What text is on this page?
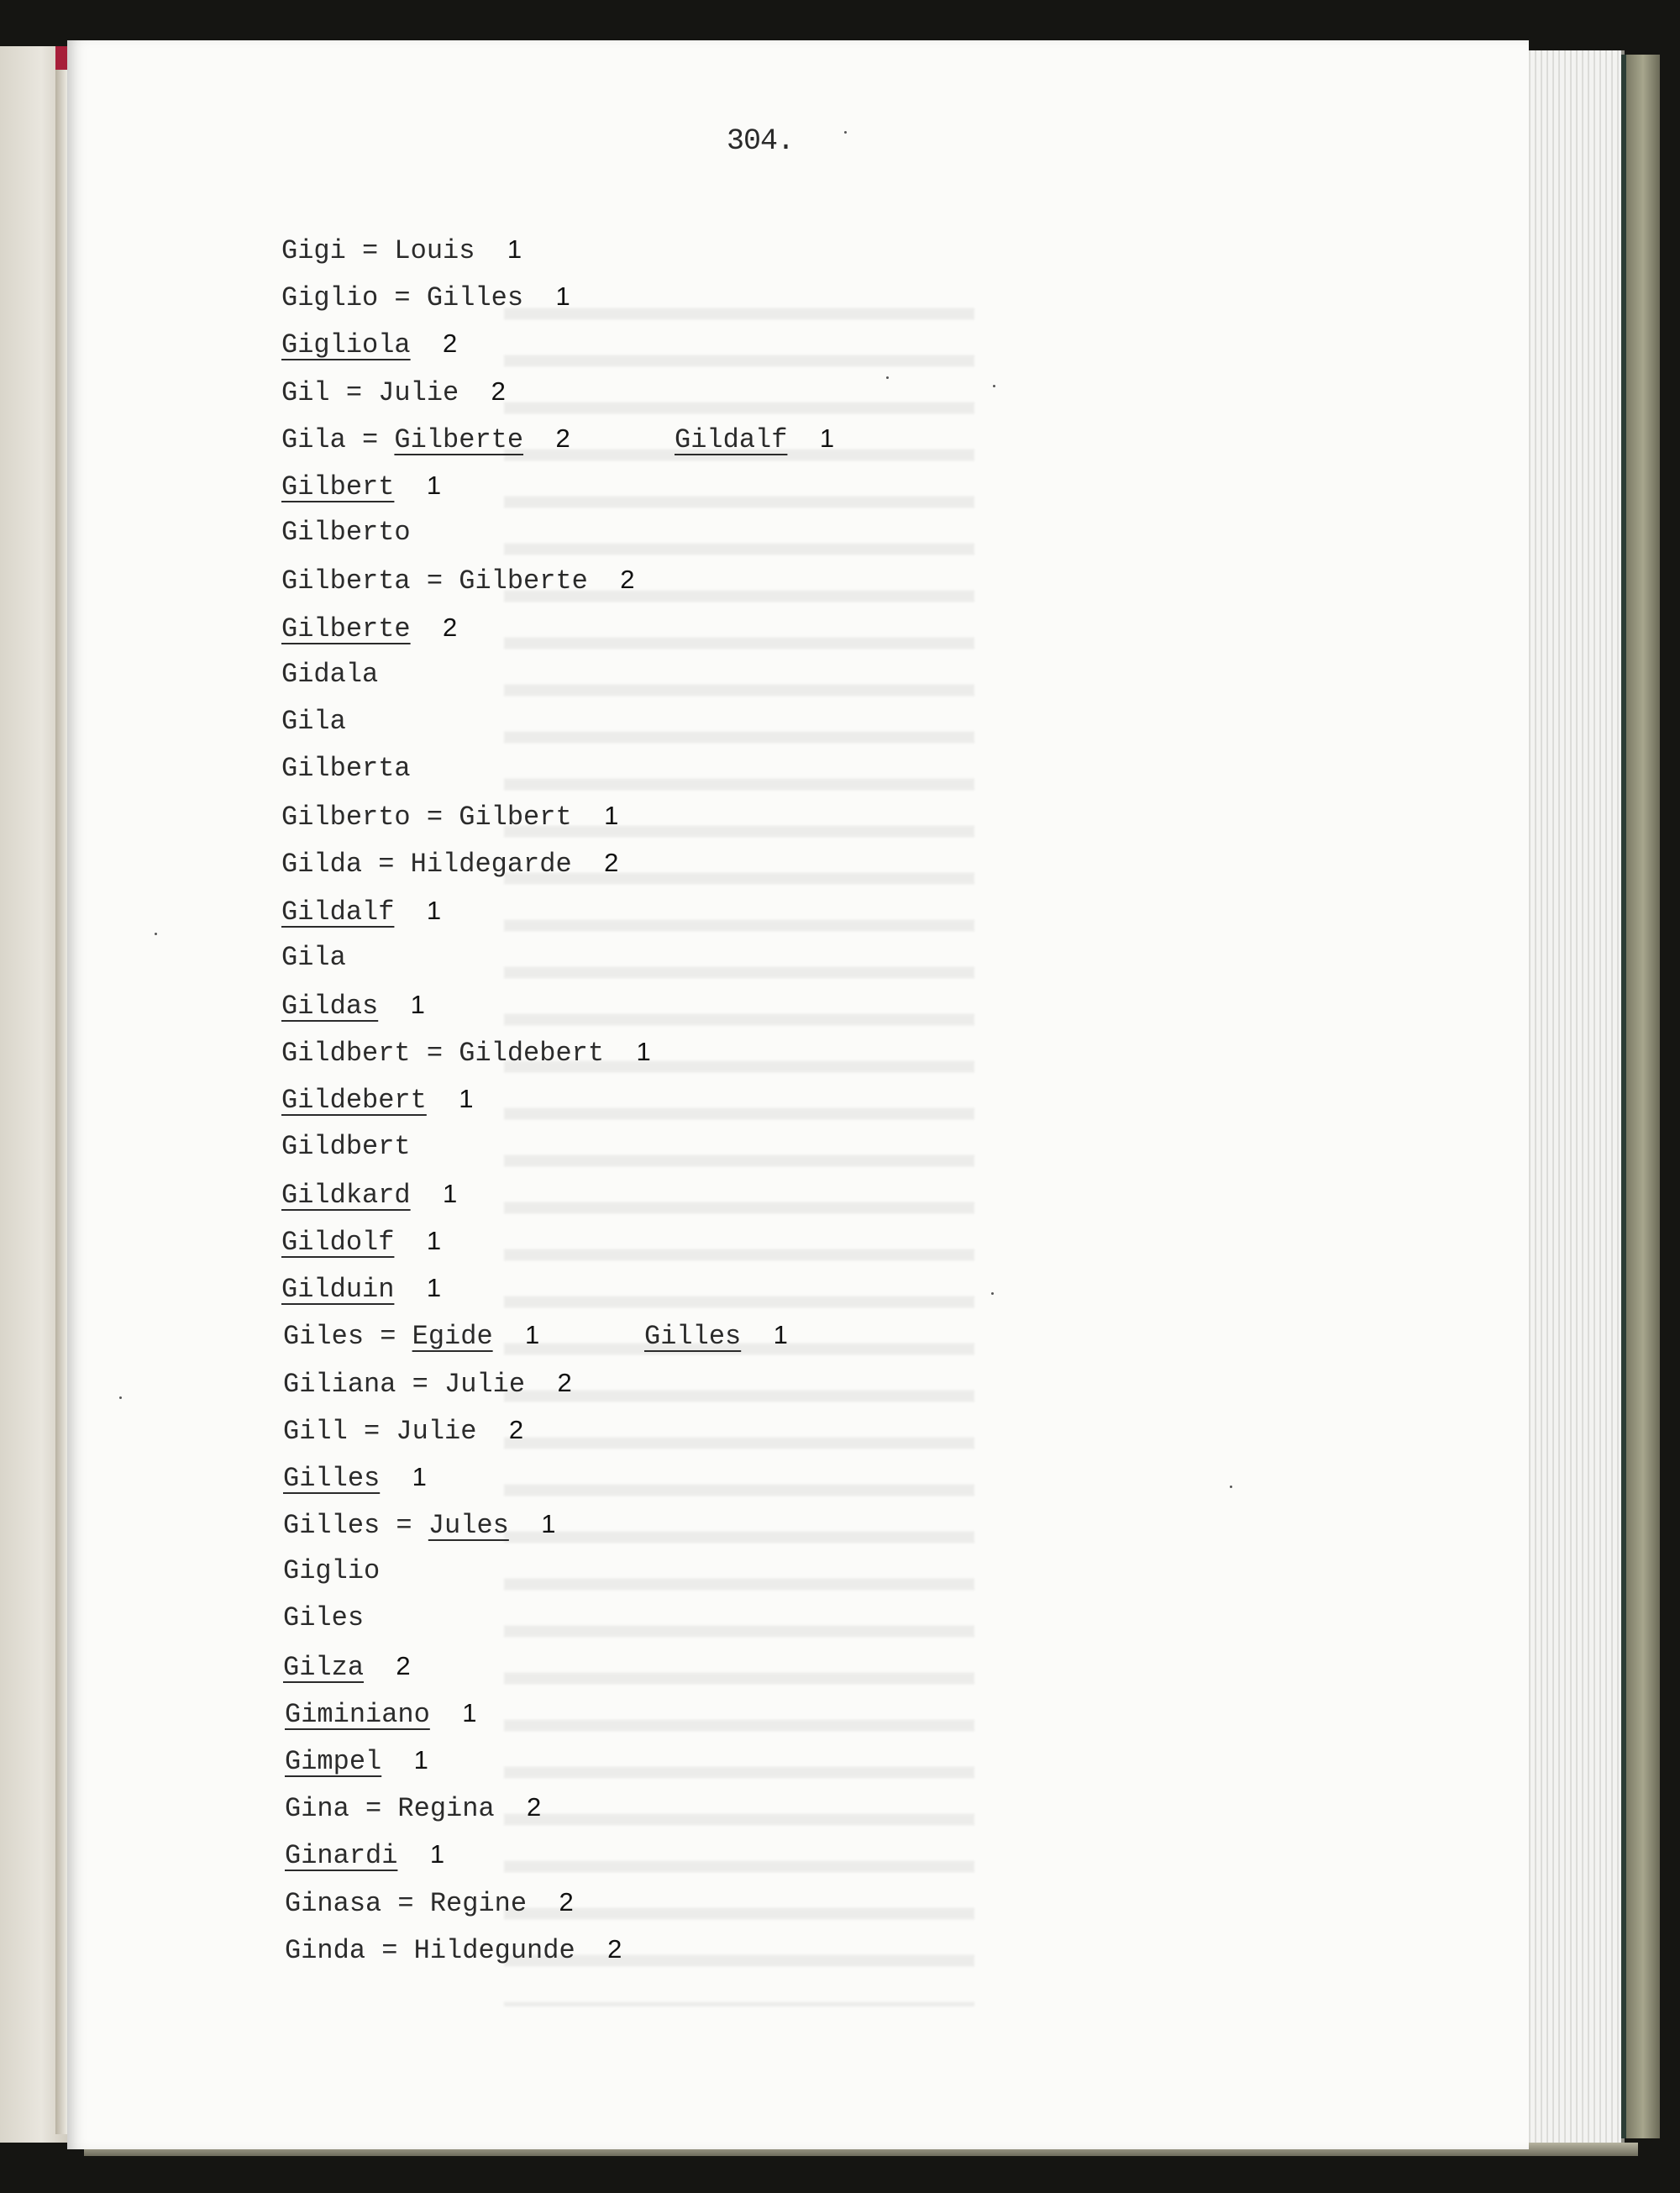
304.
Gigi = Louis 1
Giglio = Gilles 1
Gigliola 2
Gil = Julie 2
Gila = Gilberte 2	Gildalf 1
Gilbert 1
Gilberto
Gilberta = Gilberte 2
Gilberte 2
Gidala
Gila
Gilberta
Gilberto = Gilbert 1
Gilda = Hildegarde 2
Gildalf 1
Gila
Gildas 1
Gildbert = Gildebert 1
Gildebert 1
Gildbert
Gildkard 1
Gildolf 1
Gilduin 1
Giles = Egide 1	Gilles 1
Giliana = Julie 2
Gill = Julie 2
Gilles 1
Gilles = Jules 1
Giglio
Giles
Gilza 2
Giminiano 1
Gimpel 1
Gina = Regina 2
Ginardi 1
Ginasa = Regine 2
Ginda = Hildegunde 2
